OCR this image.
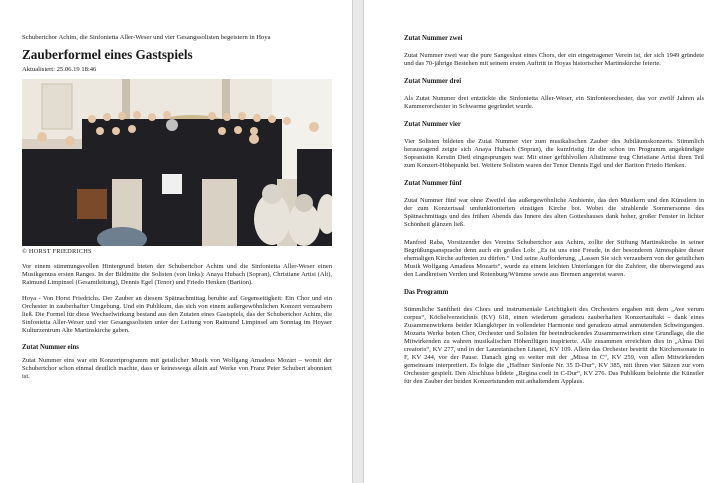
Schubertchor Achim, die Sinfonietta Aller-Weser und vier Gesangssolisten begeistern in Hoya

Zauberformel eines Gastspiels

Aktualisiert: 25.06.19 18:46

© HORST FRIEDRICHS

Vor einem stimmungsvollen Hintergrund bieten der Schubertchor Achim und die Sinfonietta Aller-Weser einen Musikgenuss ersten Ranges. In der Bildmitte die Solisten (von links): Anaya Hubach (Sopran), Christiane Artisi (Alt), Raimund Limpinsel (Gesamtleitung), Dennis Egel (Tenor) und Friedo Henken (Bariton).

Hoya - Von Horst Friedrichs. Der Zauber an diesem Spätnachmittag beruhte auf Gegenseitigkeit: Ein Chor und ein Orchester in zauberhafter Umgebung. Und ein Publikum, das sich von einem außergewöhnlichen Konzert verzaubern ließ. Die Formel für diese Wechselwirkung bestand aus den Zutaten eines Gastspiels, das der Schubertchor Achim, die Sinfonietta Aller-Weser und vier Gesangssolisten unter der Leitung von Raimund Limpinsel am Sonntag im Hoyaer Kulturzentrum Alte Martinskirche gaben.

Zutat Nummer eins

Zutat Nummer eins war ein Konzertprogramm mit geistlicher Musik von Wolfgang Amadeus Mozart – womit der Schubertchor schon einmal deutlich machte, dass er keineswegs allein auf Werke von Franz Peter Schubert abonniert ist.

Zutat Nummer zwei

Zutat Nummer zwei war die pure Sangeslust eines Chors, der ein eingetragener Verein ist, der sich 1949 gründete und das 70-jährige Bestehen mit seinem ersten Auftritt in Hoyas historischer Martinskirche feierte.

Zutat Nummer drei

Als Zutat Nummer drei entzückte die Sinfonietta Aller-Weser, ein Sinfonieorchester, das vor zwölf Jahren als Kammerorchester in Schwarme gegründet wurde.

Zutat Nummer vier

Vier Solisten bildeten die Zutat Nummer vier zum musikalischen Zauber des Jubiläumskonzerts. Stimmlich herausragend zeigte sich Anaya Hubach (Sopran), die kurzfristig für die schon im Programm angekündigte Sopranistin Kerstin Dietl eingesprungen war. Mit einer gefühlvollen Altstimme trug Christiane Artisi ihren Teil zum Konzert-Höhepunkt bei. Weitere Solisten waren der Tenor Dennis Egel und der Bariton Friedo Henken.

Zutat Nummer fünf

Zutat Nummer fünf war ohne Zweifel das außergewöhnliche Ambiente, das den Musikern und den Künstlern in der zum Konzertsaal umfunktionierten einstigen Kirche bot. Wobei die strahlende Sommersonne des Spätnachmittags und des frühen Abends das Innere des alten Gotteshauses dank hoher, großer Fenster in lichter Schönheit glänzen ließ.

Manfred Raba, Vorsitzender des Vereins Schubertchor aus Achim, zollte der Stiftung Martinskirche in seiner Begrüßungsansprache denn auch ein großes Lob: „Es ist uns eine Freude, in der besonderen Atmosphäre dieser ehemaligen Kirche auftreten zu dürfen.“ Und seine Aufforderung, „Lassen Sie sich verzaubern von der geistlichen Musik Wolfgang Amadeus Mozarts“, wurde zu einem leichten Unterfangen für die Zuhörer, die überwiegend aus den Landkreisen Verden und Rotenburg/Wümme sowie aus Bremen angereist waren.

Das Programm

Stimmliche Sanftheit des Chors und instrumentale Leichtigkeit des Orchesters ergaben mit dem „Ave verum corpus“, Köchelverzeichnis (KV) 618, einen wiederum geradezu zauberhaften Konzertauftakt – dank eines Zusammenwirkens beider Klangkörper in vollendeter Harmonie und geradezu atmal anmutenden Schwingungen. Mozarts Werke boten Chor, Orchester und Solisten für beeindruckendes Zusammenwirken eine Grundlage, die die Mitwirkenden zu wahren musikalischen Höhenflügen inspirierte. Alle zusammen erreichten dies in „Alma Dei creatoris“, KV 277, und in der Lauretanischen Litanei, KV 109. Allein das Orchester bestritt die Kirchensonate in F, KV 244, vor der Pause. Danach ging es weiter mit der „Missa in C“, KV 259, von allen Mitwirkenden gemeinsam interpretiert. Es folgte die „Haffner Sinfonie Nr. 35 D-Dur“, KV 385, mit ihren vier Sätzen zur vom Orchester gespielt. Den Abschluss bildete „Regina coeli in C-Dur“, KV 276. Das Publikum belohnte die Künstler für den Zauber der beiden Konzertstunden mit anhaltendem Applaus.
